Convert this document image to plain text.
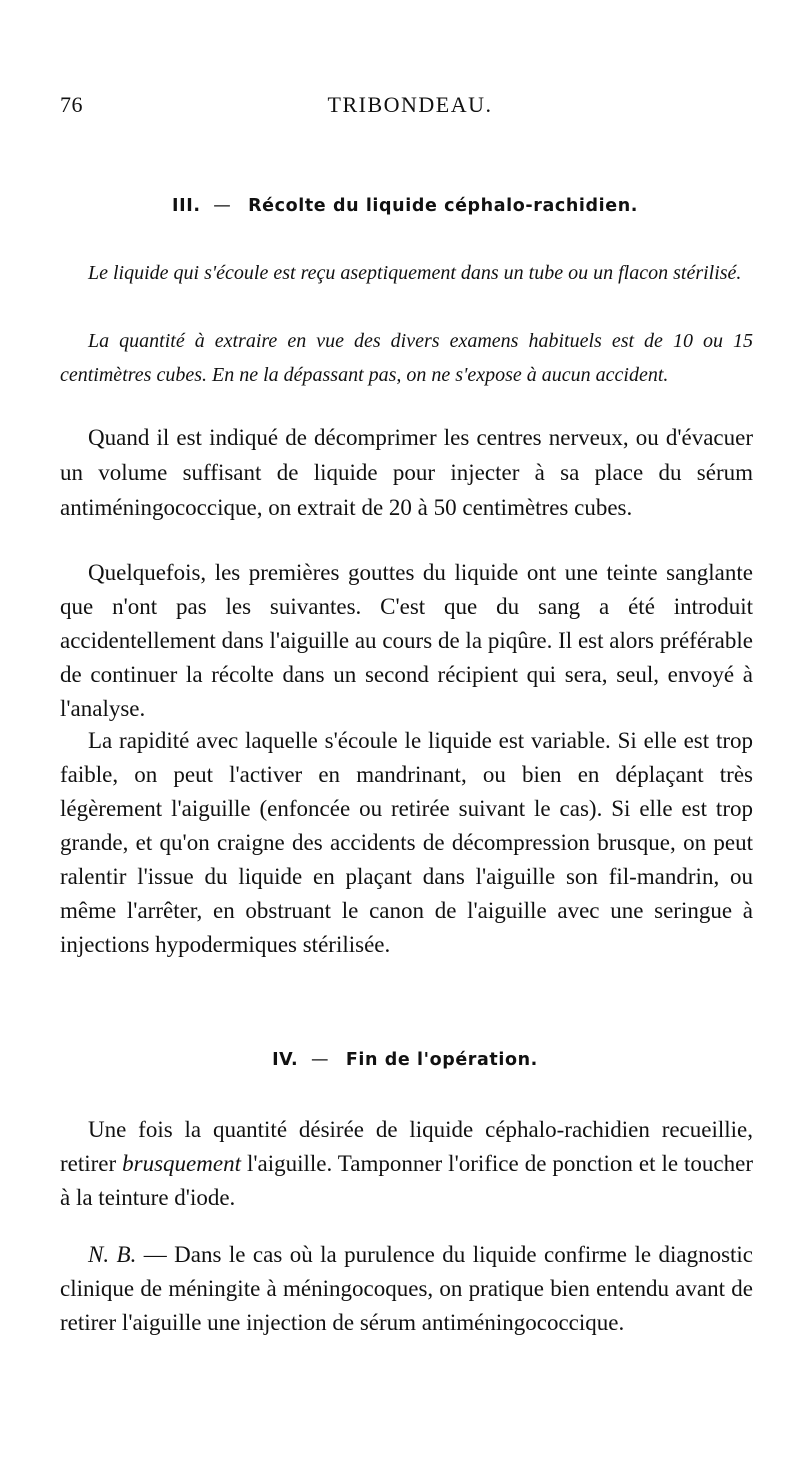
76	TRIBONDEAU.
III. — Récolte du liquide céphalo-rachidien.

Le liquide qui s'écoule est reçu aseptiquement dans un tube ou un flacon stérilisé.

La quantité à extraire en vue des divers examens habituels est de 10 ou 15 centimètres cubes. En ne la dépassant pas, on ne s'expose à aucun accident.

Quand il est indiqué de décomprimer les centres nerveux, ou d'évacuer un volume suffisant de liquide pour injecter à sa place du sérum antiméningococcique, on extrait de 20 à 50 centimètres cubes.

Quelquefois, les premières gouttes du liquide ont une teinte sanglante que n'ont pas les suivantes. C'est que du sang a été introduit accidentellement dans l'aiguille au cours de la piqûre. Il est alors préférable de continuer la récolte dans un second récipient qui sera, seul, envoyé à l'analyse.

La rapidité avec laquelle s'écoule le liquide est variable. Si elle est trop faible, on peut l'activer en mandrinant, ou bien en déplaçant très légèrement l'aiguille (enfoncée ou retirée suivant le cas). Si elle est trop grande, et qu'on craigne des accidents de décompression brusque, on peut ralentir l'issue du liquide en plaçant dans l'aiguille son fil-mandrin, ou même l'arrêter, en obstruant le canon de l'aiguille avec une seringue à injections hypodermiques stérilisée.

IV. — Fin de l'opération.

Une fois la quantité désirée de liquide céphalo-rachidien recueillie, retirer brusquement l'aiguille. Tamponner l'orifice de ponction et le toucher à la teinture d'iode.

N. B. — Dans le cas où la purulence du liquide confirme le diagnostic clinique de méningite à méningocoques, on pratique bien entendu avant de retirer l'aiguille une injection de sérum antiméningococcique.
